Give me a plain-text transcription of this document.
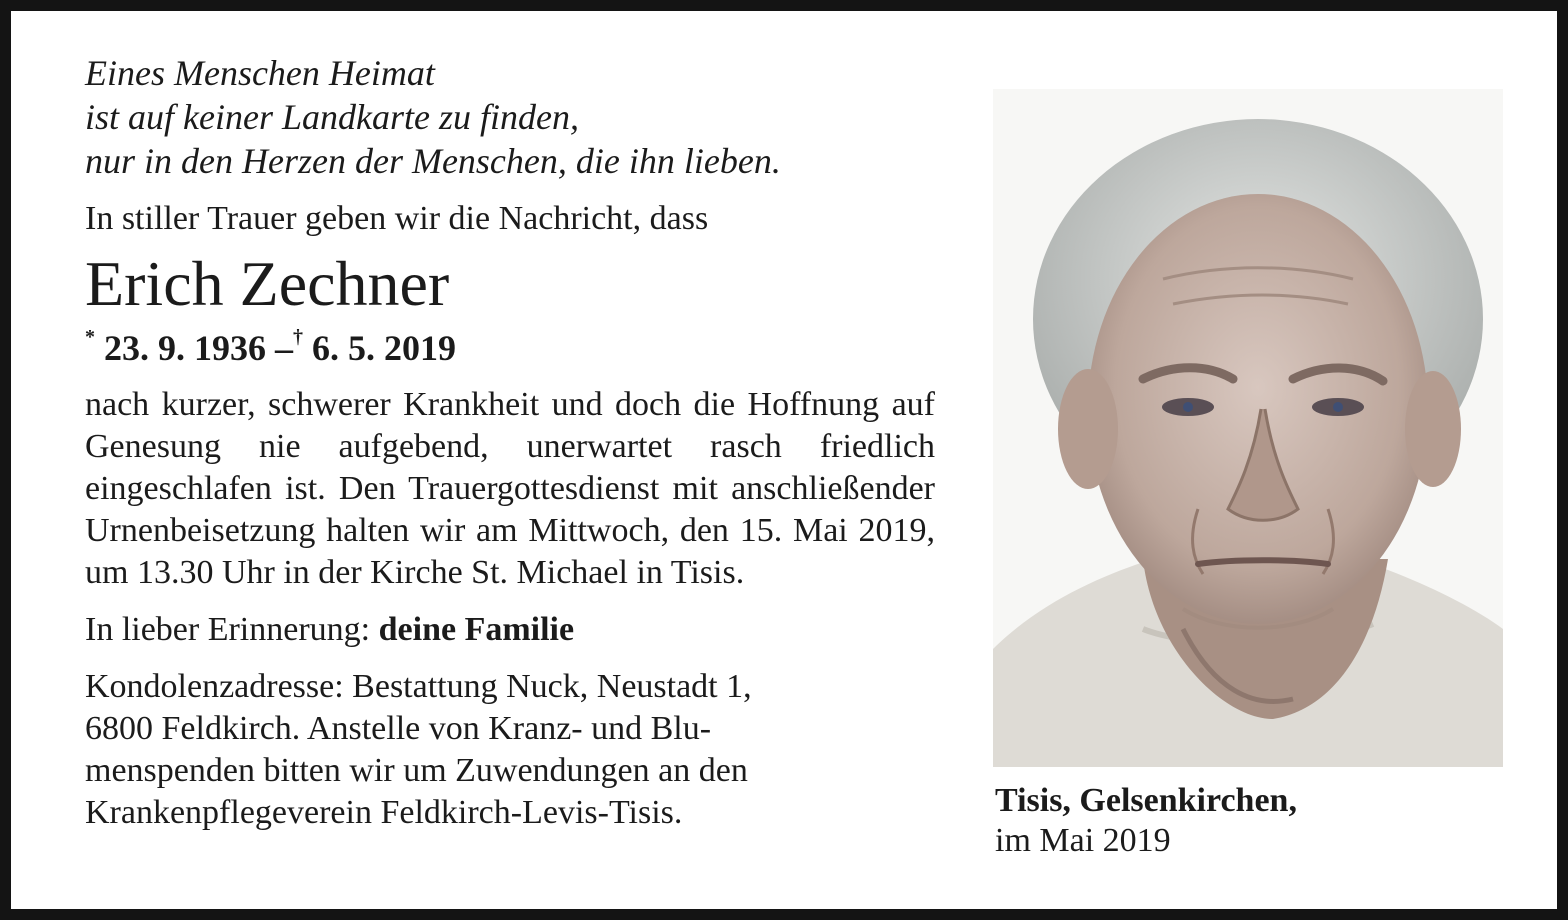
Eines Menschen Heimat
ist auf keiner Landkarte zu finden,
nur in den Herzen der Menschen, die ihn lieben.
In stiller Trauer geben wir die Nachricht, dass
Erich Zechner
* 23. 9. 1936 –† 6. 5. 2019
nach kurzer, schwerer Krankheit und doch die Hoffnung auf Genesung nie aufgebend, unerwartet rasch friedlich eingeschlafen ist. Den Trauergottesdienst mit anschließender Urnenbeisetzung halten wir am Mittwoch, den 15. Mai 2019, um 13.30 Uhr in der Kirche St. Michael in Tisis.
In lieber Erinnerung: deine Familie
Kondolenzadresse: Bestattung Nuck, Neustadt 1,
6800 Feldkirch. Anstelle von Kranz- und Blu-
menspenden bitten wir um Zuwendungen an den
Krankenpflegeverein Feldkirch-Levis-Tisis.	Tisis, Gelsenkirchen,
im Mai 2019
